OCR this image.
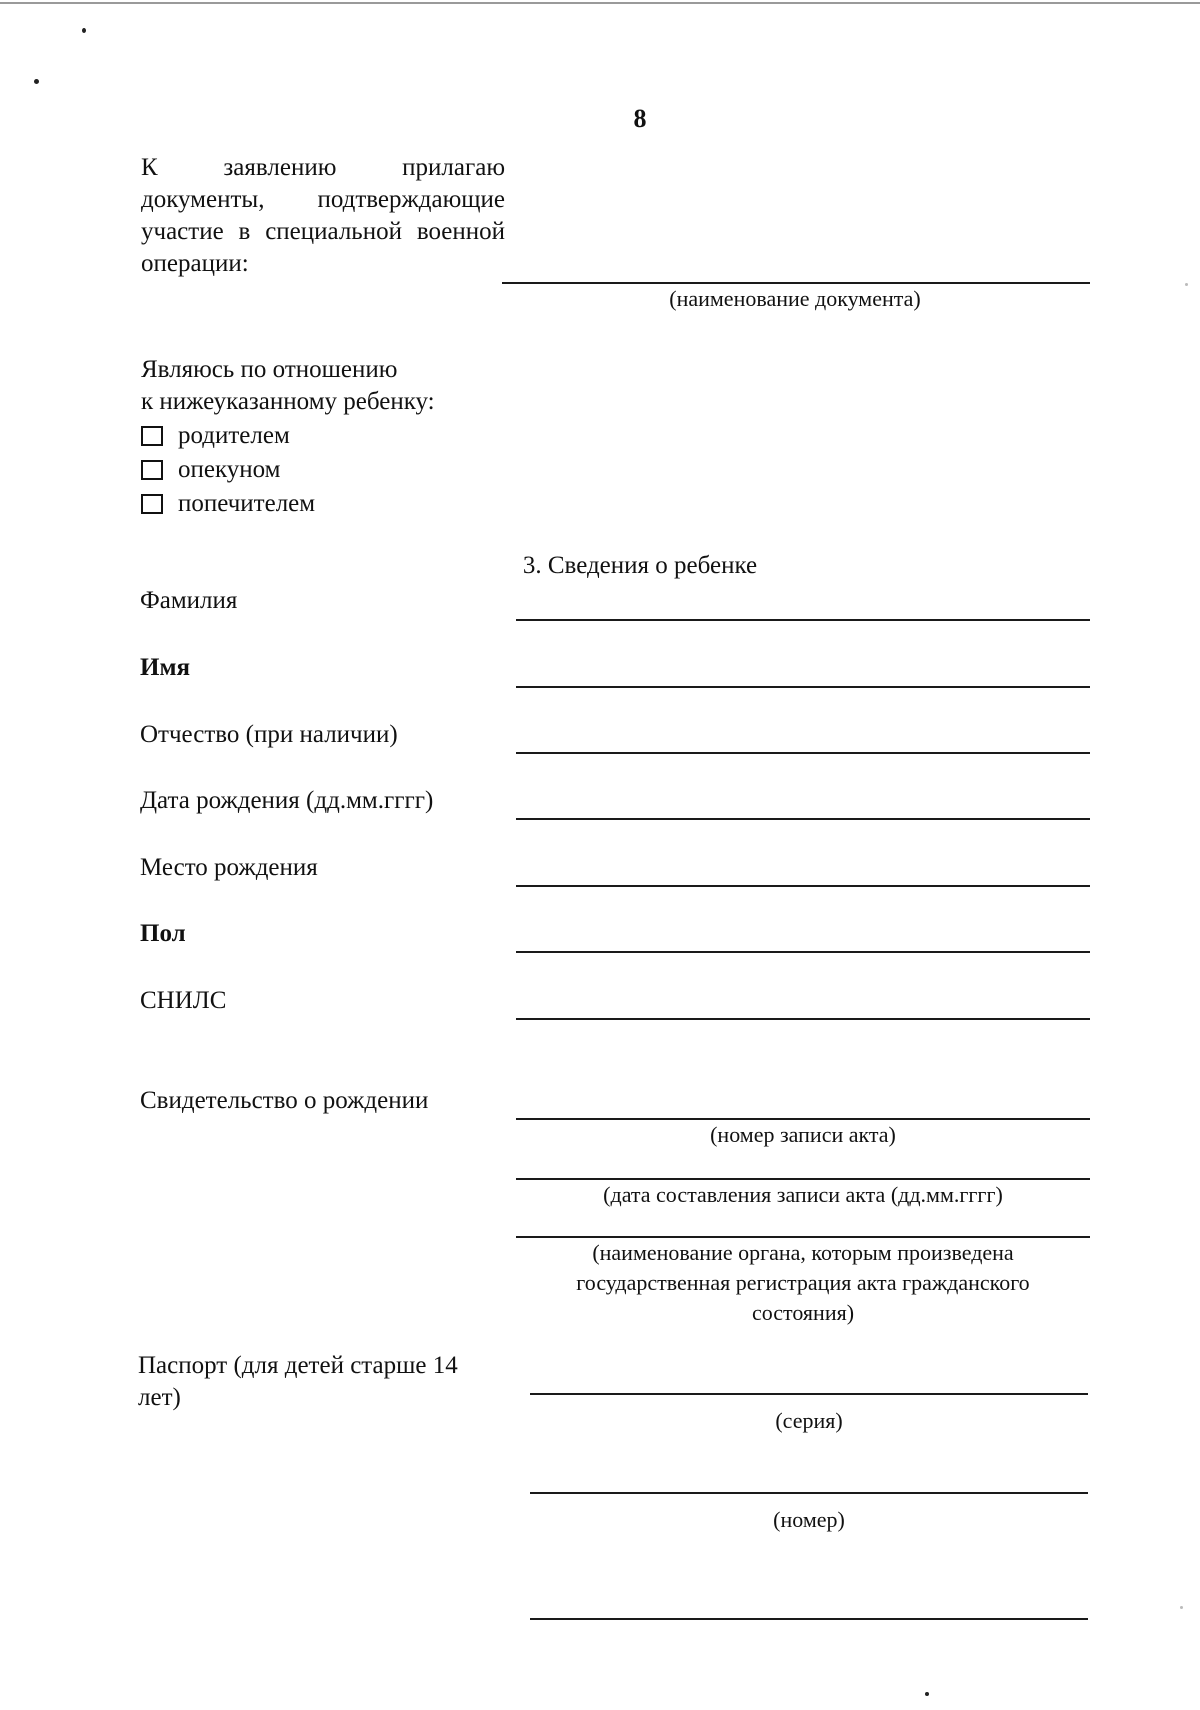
8
К заявлению прилагаю документы, подтверждающие участие в специальной военной операции:
(наименование документа)
Являюсь по отношению
к нижеуказанному ребенку:
родителем
опекуном
попечителем
3. Сведения о ребенке
Фамилия
Имя
Отчество (при наличии)
Дата рождения (дд.мм.гггг)
Место рождения
Пол
СНИЛС
Свидетельство о рождении
(номер записи акта)
(дата составления записи акта (дд.мм.гггг)
(наименование органа, которым произведена
государственная регистрация акта гражданского
состояния)
Паспорт (для детей старше 14 лет)
(серия)
(номер)
